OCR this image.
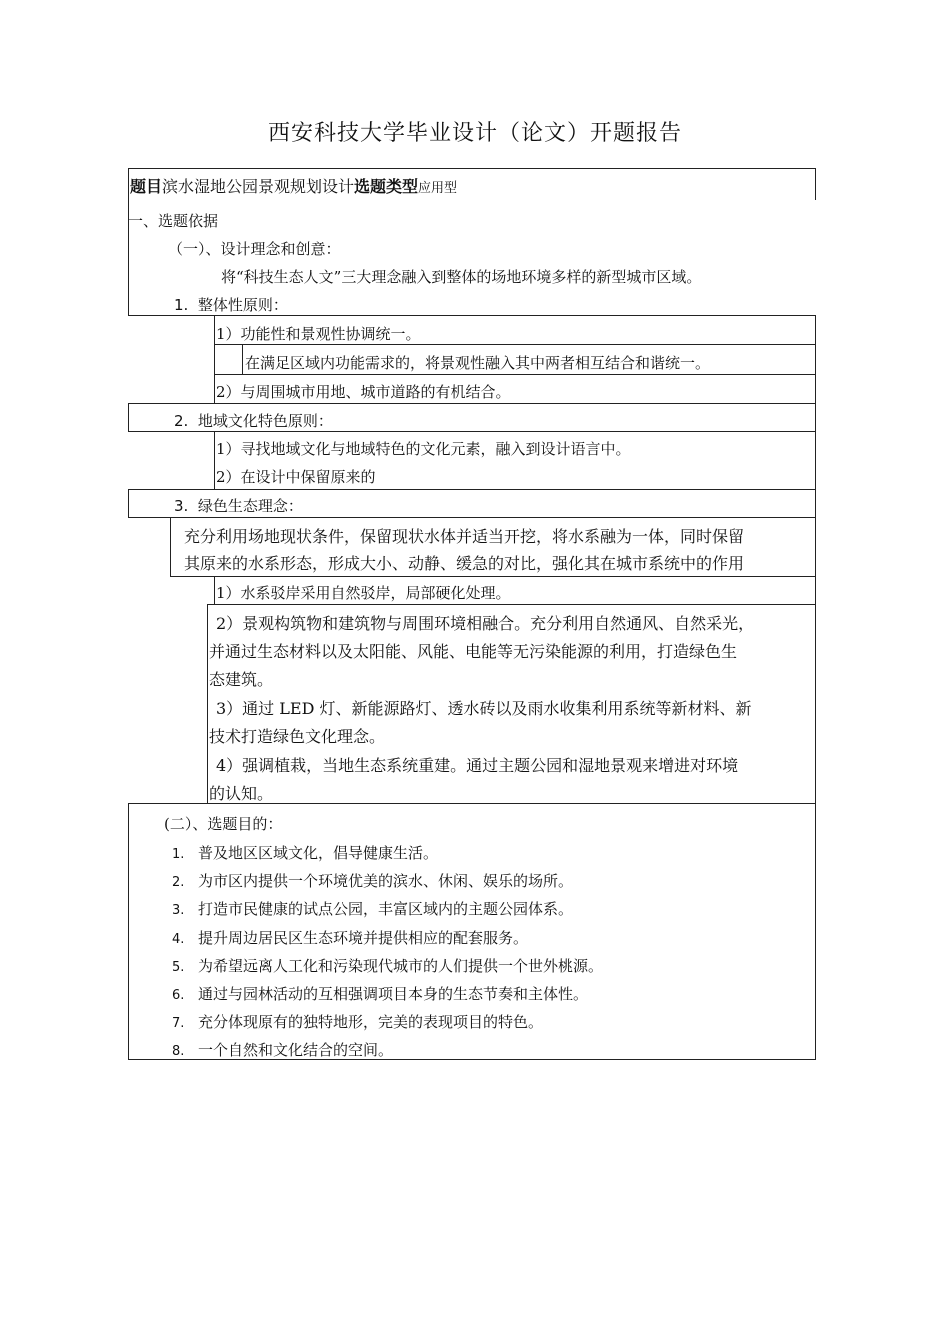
西安科技大学毕业设计（论文）开题报告
题目滨水湿地公园景观规划设计选题类型应用型
一、选题依据
（一）、设计理念和创意：
将“科技生态人文”三大理念融入到整体的场地环境多样的新型城市区域。
1. 整体性原则：
1）功能性和景观性协调统一。
在满足区域内功能需求的，将景观性融入其中两者相互结合和谐统一。
2）与周围城市用地、城市道路的有机结合。
2. 地域文化特色原则：
1）寻找地域文化与地域特色的文化元素，融入到设计语言中。
2）在设计中保留原来的
3. 绿色生态理念：
充分利用场地现状条件，保留现状水体并适当开挖，将水系融为一体，同时保留
其原来的水系形态，形成大小、动静、缓急的对比，强化其在城市系统中的作用
1）水系驳岸采用自然驳岸，局部硬化处理。
2）景观构筑物和建筑物与周围环境相融合。充分利用自然通风、自然采光，
并通过生态材料以及太阳能、风能、电能等无污染能源的利用，打造绿色生
态建筑。
3）通过 LED 灯、新能源路灯、透水砖以及雨水收集利用系统等新材料、新
技术打造绿色文化理念。
4）强调植栽，当地生态系统重建。通过主题公园和湿地景观来增进对环境
的认知。
(二）、选题目的：
1. 普及地区区域文化，倡导健康生活。
2. 为市区内提供一个环境优美的滨水、休闲、娱乐的场所。
3. 打造市民健康的试点公园，丰富区域内的主题公园体系。
4. 提升周边居民区生态环境并提供相应的配套服务。
5. 为希望远离人工化和污染现代城市的人们提供一个世外桃源。
6. 通过与园林活动的互相强调项目本身的生态节奏和主体性。
7. 充分体现原有的独特地形，完美的表现项目的特色。
8. 一个自然和文化结合的空间。
